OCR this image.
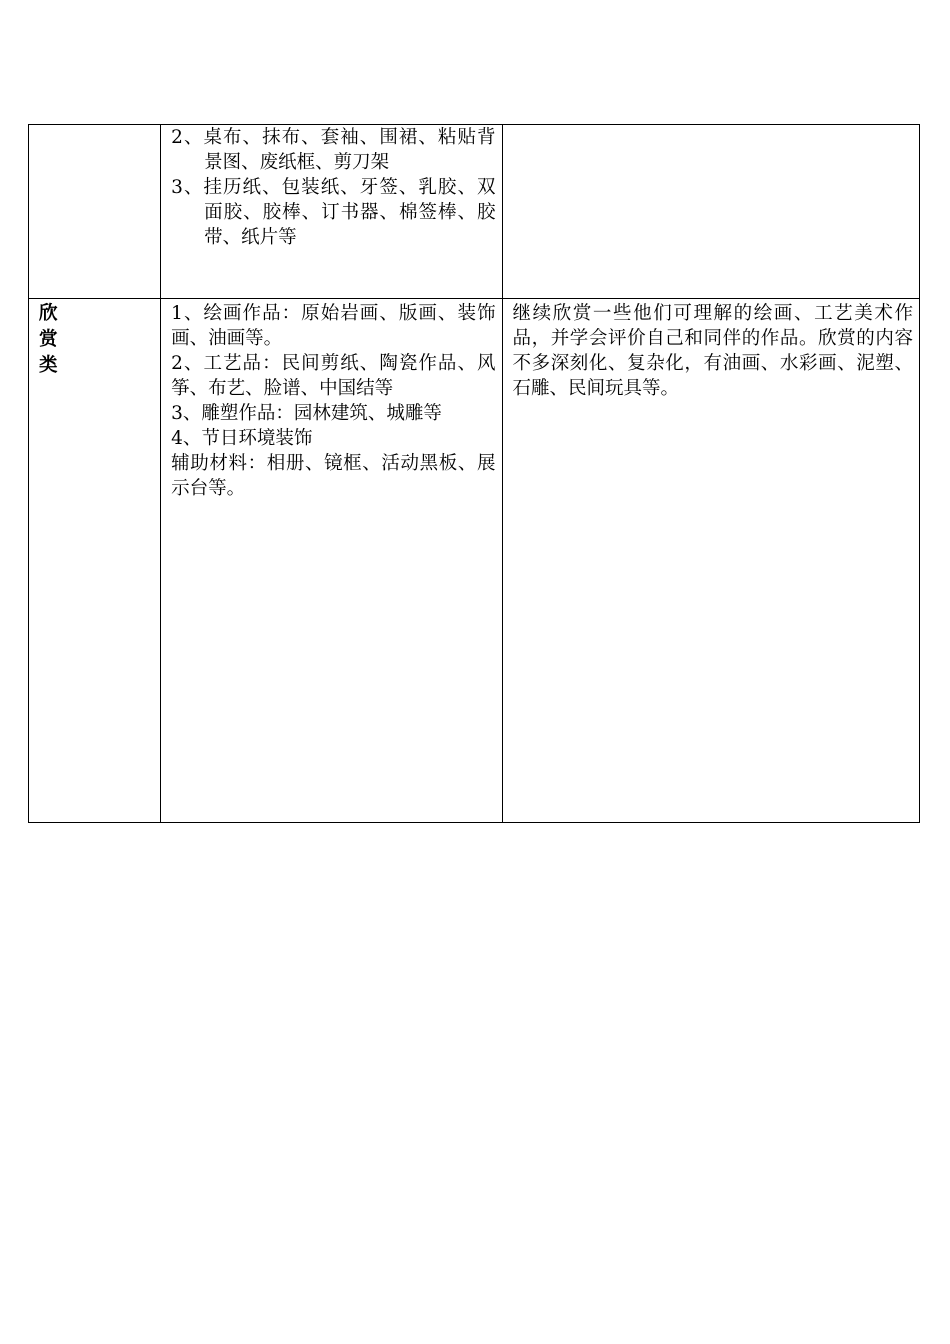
	2、桌布、抹布、套袖、围裙、粘贴背景图、废纸框、剪刀架
3、挂历纸、包装纸、牙签、乳胶、双面胶、胶棒、订书器、棉签棒、胶带、纸片等	

欣赏类	1、绘画作品：原始岩画、版画、装饰画、油画等。
2、工艺品：民间剪纸、陶瓷作品、风筝、布艺、脸谱、中国结等
3、雕塑作品：园林建筑、城雕等
4、节日环境装饰
辅助材料：相册、镜框、活动黑板、展示台等。	继续欣赏一些他们可理解的绘画、工艺美术作品，并学会评价自己和同伴的作品。欣赏的内容不多深刻化、复杂化，有油画、水彩画、泥塑、石雕、民间玩具等。
